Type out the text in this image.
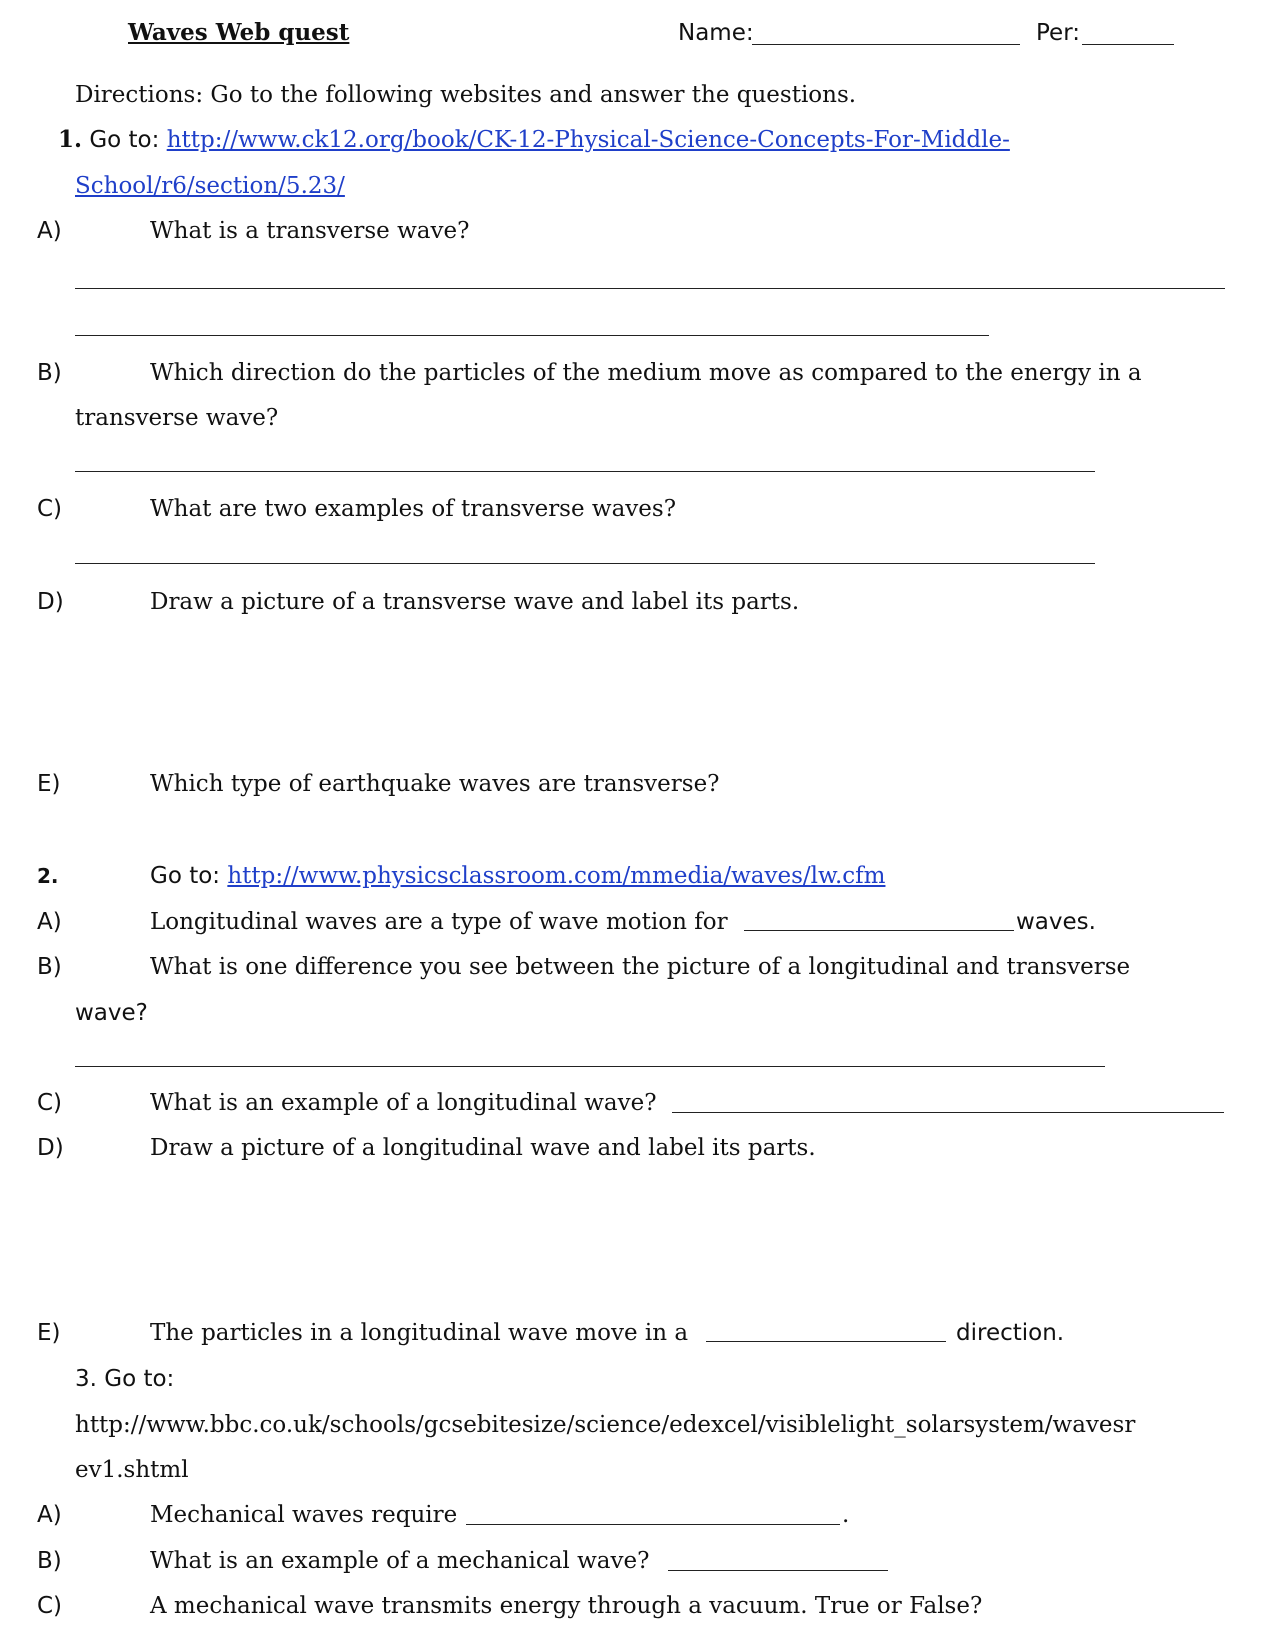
Waves Web quest	Name:	Per:
Directions: Go to the following websites and answer the questions.
1. Go to: http://www.ck12.org/book/CK-12-Physical-Science-Concepts-For-Middle-
School/r6/section/5.23/
A)	What is a transverse wave?
B)	Which direction do the particles of the medium move as compared to the energy in a
transverse wave?
C)	What are two examples of transverse waves?
D)	Draw a picture of a transverse wave and label its parts.
E)	Which type of earthquake waves are transverse?
2.	Go to: http://www.physicsclassroom.com/mmedia/waves/lw.cfm
A)	Longitudinal waves are a type of wave motion for	waves.
B)	What is one difference you see between the picture of a longitudinal and transverse
wave?
C)	What is an example of a longitudinal wave?
D)	Draw a picture of a longitudinal wave and label its parts.
E)	The particles in a longitudinal wave move in a	direction.
3. Go to:
http://www.bbc.co.uk/schools/gcsebitesize/science/edexcel/visiblelight_solarsystem/wavesr
ev1.shtml
A)	Mechanical waves require	.
B)	What is an example of a mechanical wave?
C)	A mechanical wave transmits energy through a vacuum. True or False?
